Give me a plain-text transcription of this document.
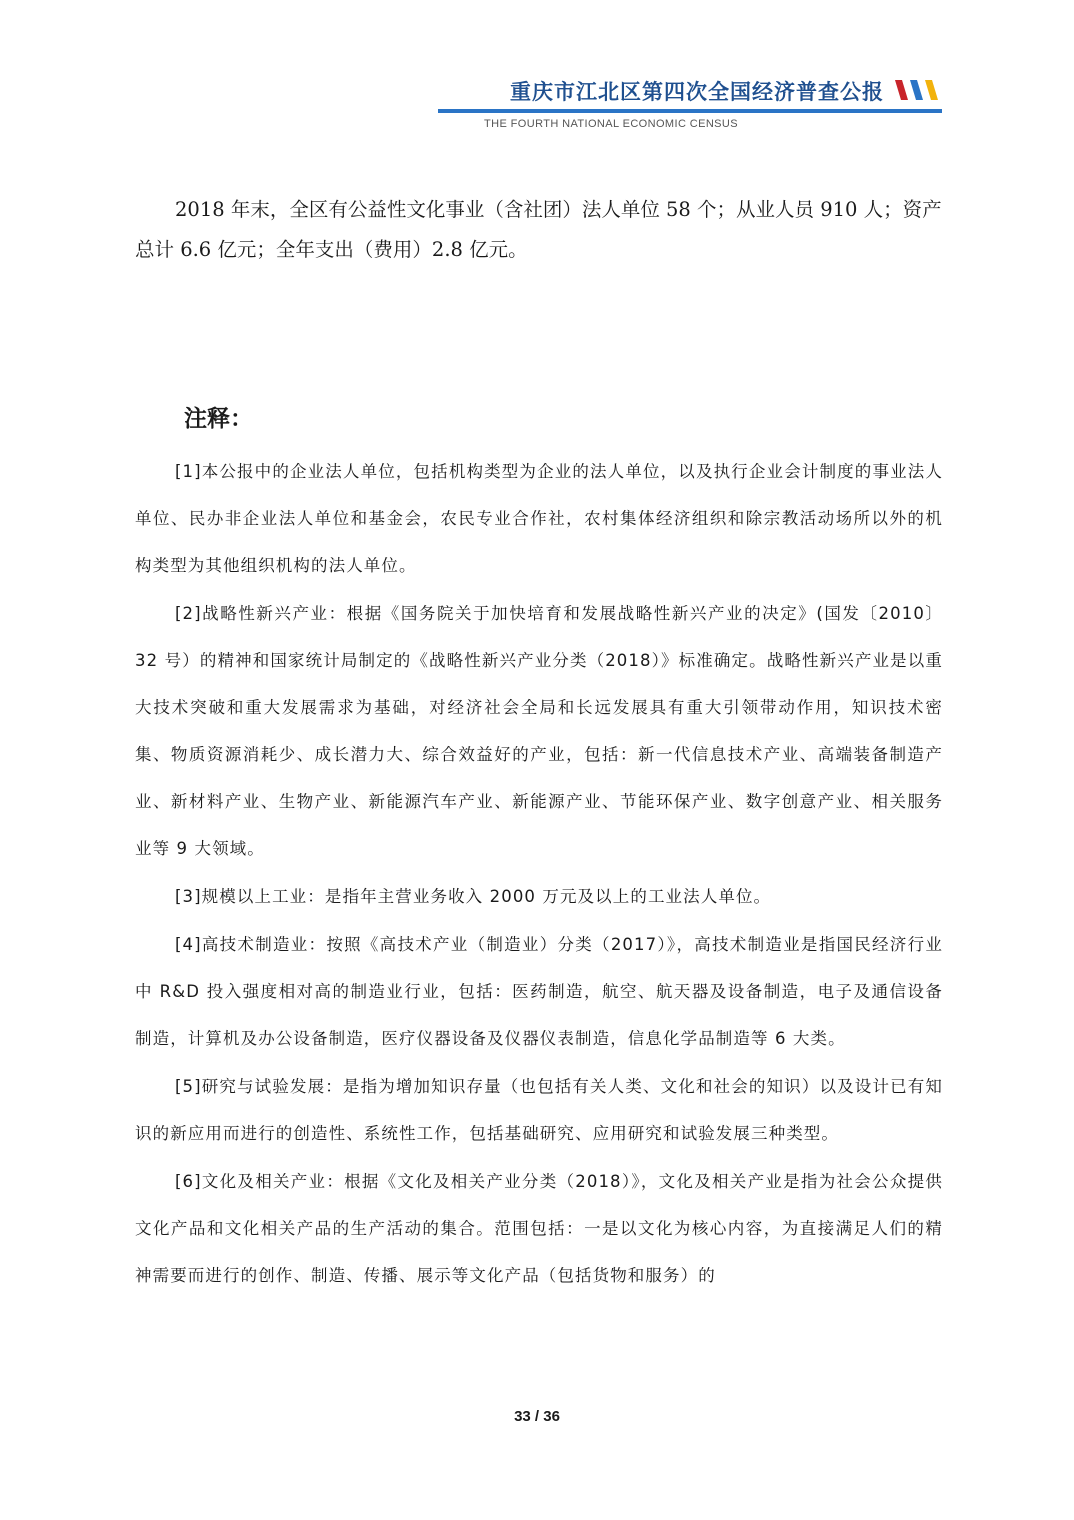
重庆市江北区第四次全国经济普查公报
THE FOURTH NATIONAL ECONOMIC CENSUS

2018 年末，全区有公益性文化事业（含社团）法人单位 58 个；从业人员 910 人；资产总计 6.6 亿元；全年支出（费用）2.8 亿元。

注释：

[1]本公报中的企业法人单位，包括机构类型为企业的法人单位，以及执行企业会计制度的事业法人单位、民办非企业法人单位和基金会，农民专业合作社，农村集体经济组织和除宗教活动场所以外的机构类型为其他组织机构的法人单位。

[2]战略性新兴产业：根据《国务院关于加快培育和发展战略性新兴产业的决定》(国发〔2010〕32 号）的精神和国家统计局制定的《战略性新兴产业分类（2018）》标准确定。战略性新兴产业是以重大技术突破和重大发展需求为基础，对经济社会全局和长远发展具有重大引领带动作用，知识技术密集、物质资源消耗少、成长潜力大、综合效益好的产业，包括：新一代信息技术产业、高端装备制造产业、新材料产业、生物产业、新能源汽车产业、新能源产业、节能环保产业、数字创意产业、相关服务业等 9 大领域。

[3]规模以上工业：是指年主营业务收入 2000 万元及以上的工业法人单位。

[4]高技术制造业：按照《高技术产业（制造业）分类（2017）》，高技术制造业是指国民经济行业中 R&D 投入强度相对高的制造业行业，包括：医药制造，航空、航天器及设备制造，电子及通信设备制造，计算机及办公设备制造，医疗仪器设备及仪器仪表制造，信息化学品制造等 6 大类。

[5]研究与试验发展：是指为增加知识存量（也包括有关人类、文化和社会的知识）以及设计已有知识的新应用而进行的创造性、系统性工作，包括基础研究、应用研究和试验发展三种类型。

[6]文化及相关产业：根据《文化及相关产业分类（2018）》，文化及相关产业是指为社会公众提供文化产品和文化相关产品的生产活动的集合。范围包括：一是以文化为核心内容，为直接满足人们的精神需要而进行的创作、制造、传播、展示等文化产品（包括货物和服务）的

33 / 36
